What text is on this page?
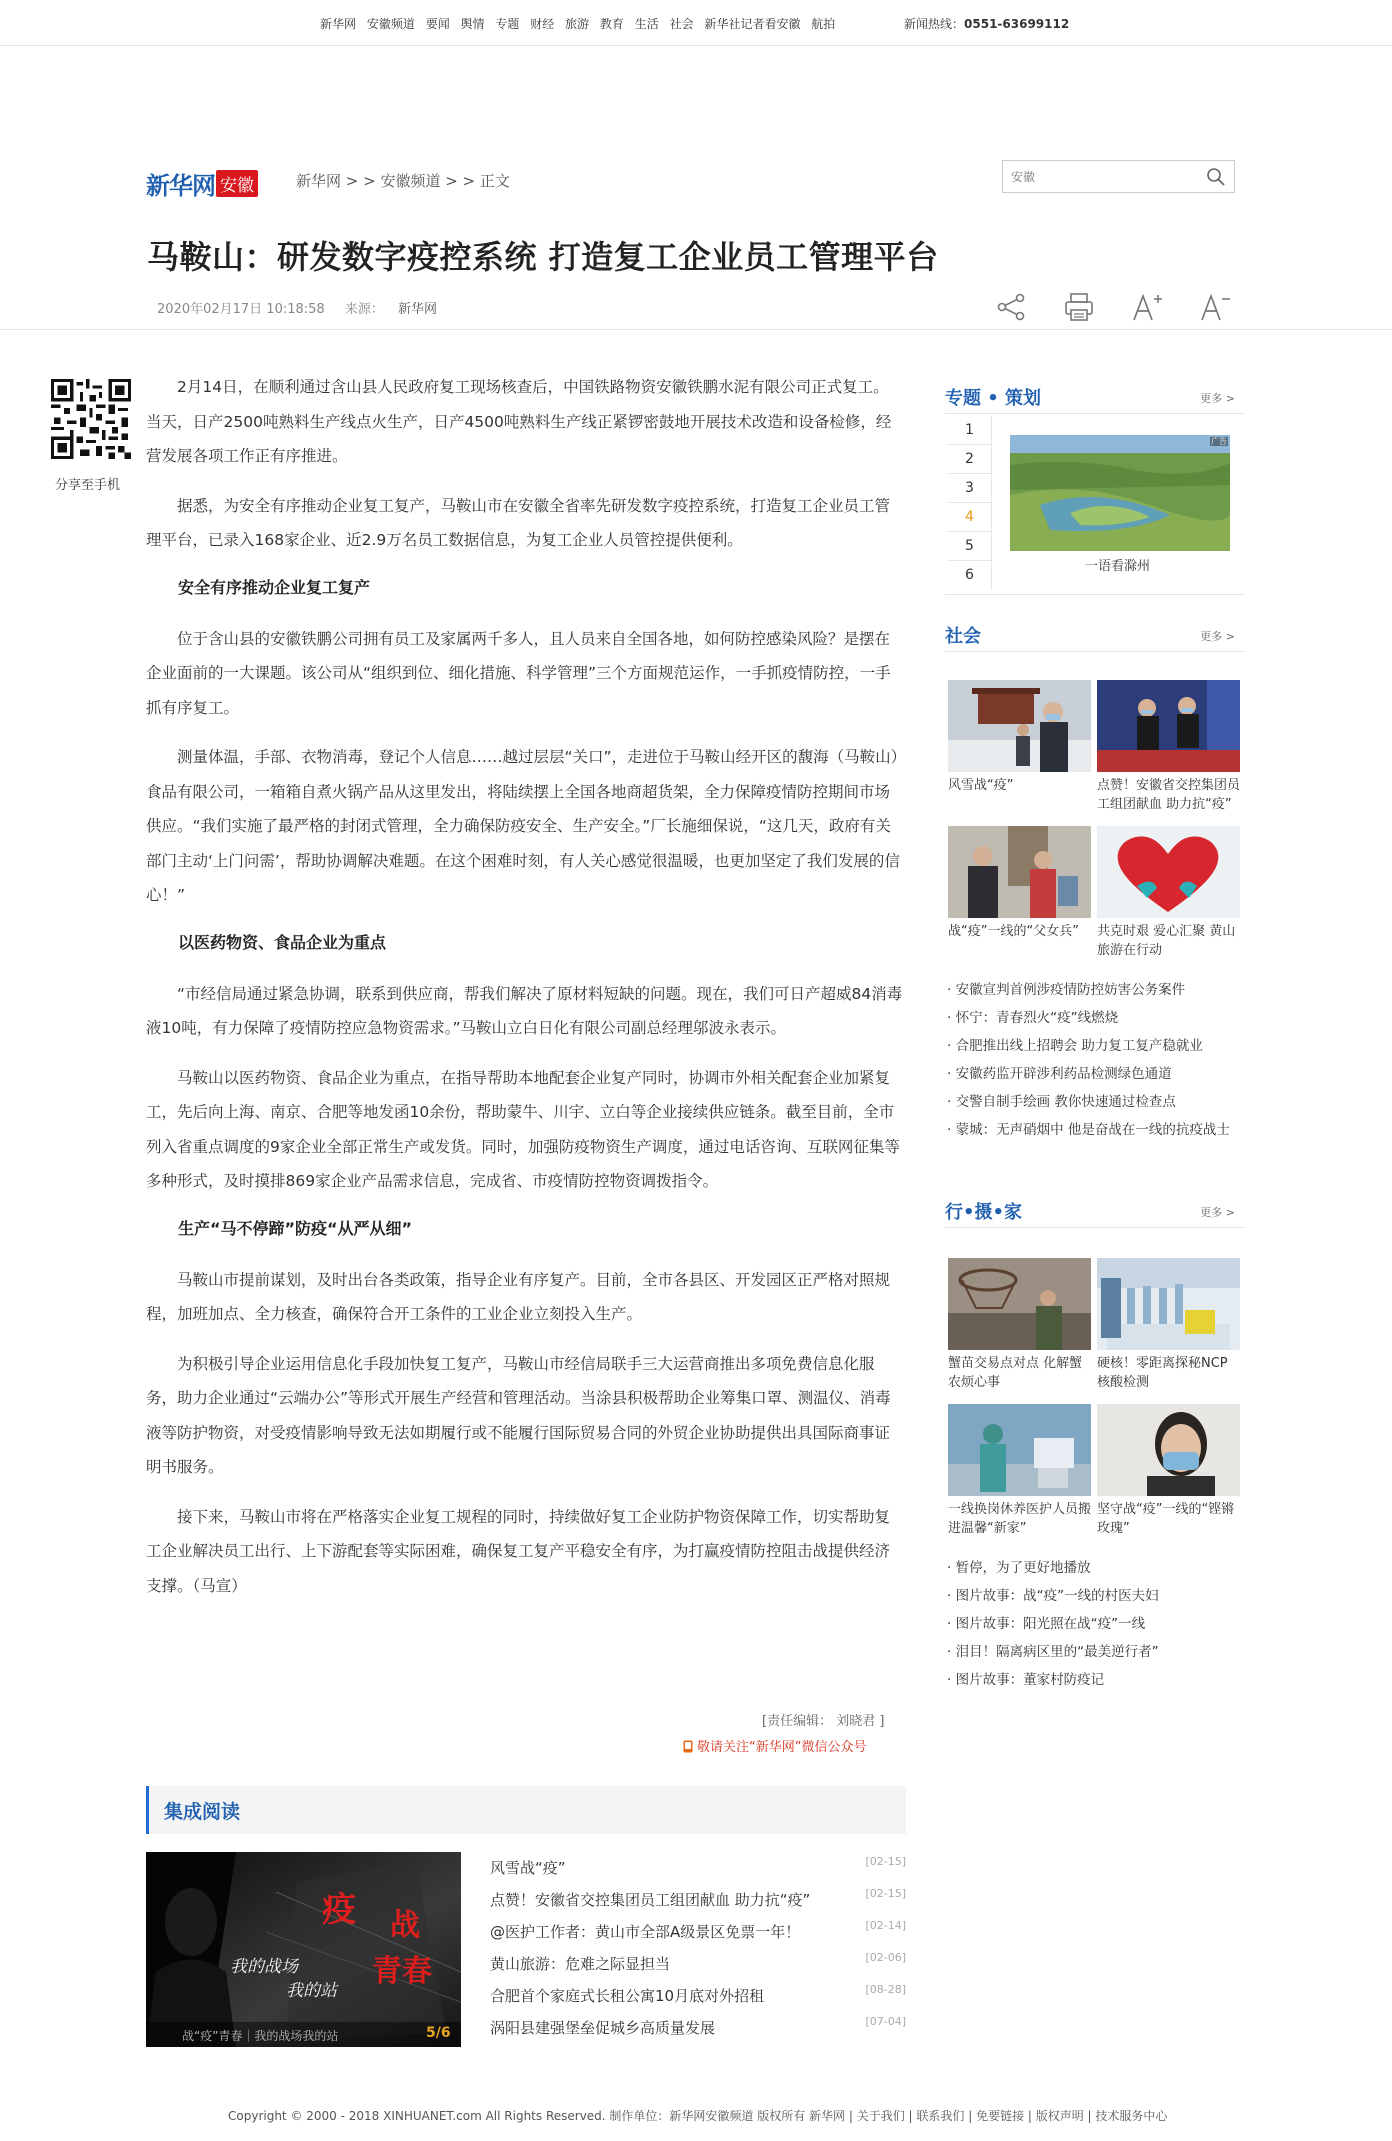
新华网 安徽频道 要闻 舆情 专题 财经 旅游 教育 生活 社会 新华社记者看安徽 航拍	新闻热线：0551-63699112
新华网 安徽	新华网 > > 安徽频道 > > 正文
安徽
马鞍山：研发数字疫控系统 打造复工企业员工管理平台
2020年02月17日 10:18:58 来源： 新华网
分享至手机

2月14日，在顺利通过含山县人民政府复工现场核查后，中国铁路物资安徽铁鹏水泥有限公司正式复工。当天，日产2500吨熟料生产线点火生产，日产4500吨熟料生产线正紧锣密鼓地开展技术改造和设备检修，经营发展各项工作正有序推进。

据悉，为安全有序推动企业复工复产，马鞍山市在安徽全省率先研发数字疫控系统，打造复工企业员工管理平台，已录入168家企业、近2.9万名员工数据信息，为复工企业人员管控提供便利。

安全有序推动企业复工复产

位于含山县的安徽铁鹏公司拥有员工及家属两千多人，且人员来自全国各地，如何防控感染风险？是摆在企业面前的一大课题。该公司从“组织到位、细化措施、科学管理”三个方面规范运作，一手抓疫情防控，一手抓有序复工。

测量体温，手部、衣物消毒，登记个人信息……越过层层“关口”，走进位于马鞍山经开区的馥海（马鞍山）食品有限公司，一箱箱自煮火锅产品从这里发出，将陆续摆上全国各地商超货架，全力保障疫情防控期间市场供应。“我们实施了最严格的封闭式管理，全力确保防疫安全、生产安全。”厂长施细保说，“这几天，政府有关部门主动‘上门问需’，帮助协调解决难题。在这个困难时刻，有人关心感觉很温暖，也更加坚定了我们发展的信心！”

以医药物资、食品企业为重点

“市经信局通过紧急协调，联系到供应商，帮我们解决了原材料短缺的问题。现在，我们可日产超威84消毒液10吨，有力保障了疫情防控应急物资需求。”马鞍山立白日化有限公司副总经理邬波永表示。

马鞍山以医药物资、食品企业为重点，在指导帮助本地配套企业复产同时，协调市外相关配套企业加紧复工，先后向上海、南京、合肥等地发函10余份，帮助蒙牛、川宇、立白等企业接续供应链条。截至目前，全市列入省重点调度的9家企业全部正常生产或发货。同时，加强防疫物资生产调度，通过电话咨询、互联网征集等多种形式，及时摸排869家企业产品需求信息，完成省、市疫情防控物资调拨指令。

生产“马不停蹄”防疫“从严从细”

马鞍山市提前谋划，及时出台各类政策，指导企业有序复产。目前，全市各县区、开发园区正严格对照规程，加班加点、全力核查，确保符合开工条件的工业企业立刻投入生产。

为积极引导企业运用信息化手段加快复工复产，马鞍山市经信局联手三大运营商推出多项免费信息化服务，助力企业通过“云端办公”等形式开展生产经营和管理活动。当涂县积极帮助企业筹集口罩、测温仪、消毒液等防护物资，对受疫情影响导致无法如期履行或不能履行国际贸易合同的外贸企业协助提供出具国际商事证明书服务。

接下来，马鞍山市将在严格落实企业复工规程的同时，持续做好复工企业防护物资保障工作，切实帮助复工企业解决员工出行、上下游配套等实际困难，确保复工复产平稳安全有序，为打赢疫情防控阻击战提供经济支撑。（马宣）

[责任编辑： 刘晓君 ]
敬请关注“新华网”微信公众号
集成阅读
疫 战
青春
我的战场
我的站
战“疫”青春｜我的战场我的站	5/6
风雪战“疫”	[02-15]
点赞！安徽省交控集团员工组团献血 助力抗“疫”	[02-15]
@医护工作者：黄山市全部A级景区免票一年！	[02-14]
黄山旅游：危难之际显担当	[02-06]
合肥首个家庭式长租公寓10月底对外招租	[08-28]
涡阳县建强堡垒促城乡高质量发展	[07-04]
专题 • 策划	更多 >
1
2
3
4
5
6
广告
一语看滁州
社会	更多 >
风雪战“疫”	点赞！安徽省交控集团员工组团献血 助力抗“疫”
战“疫”一线的“父女兵”	共克时艰 爱心汇聚 黄山旅游在行动
· 安徽宣判首例涉疫情防控妨害公务案件
· 怀宁：青春烈火“疫”线燃烧
· 合肥推出线上招聘会 助力复工复产稳就业
· 安徽药监开辟涉利药品检测绿色通道
· 交警自制手绘画 教你快速通过检查点
· 蒙城：无声硝烟中 他是奋战在一线的抗疫战士
行•摄•家	更多 >
蟹苗交易点对点 化解蟹农烦心事
硬核！零距离探秘NCP核酸检测
一线换岗休养医护人员搬进温馨“新家”
坚守战“疫”一线的“铿锵玫瑰”
· 暂停，为了更好地播放
· 图片故事：战“疫”一线的村医夫妇
· 图片故事：阳光照在战“疫”一线
· 泪目！隔离病区里的“最美逆行者”
· 图片故事：董家村防疫记
Copyright © 2000 - 2018 XINHUANET.com All Rights Reserved. 制作单位：新华网安徽频道 版权所有 新华网 | 关于我们 | 联系我们 | 免要链接 | 版权声明 | 技术服务中心
